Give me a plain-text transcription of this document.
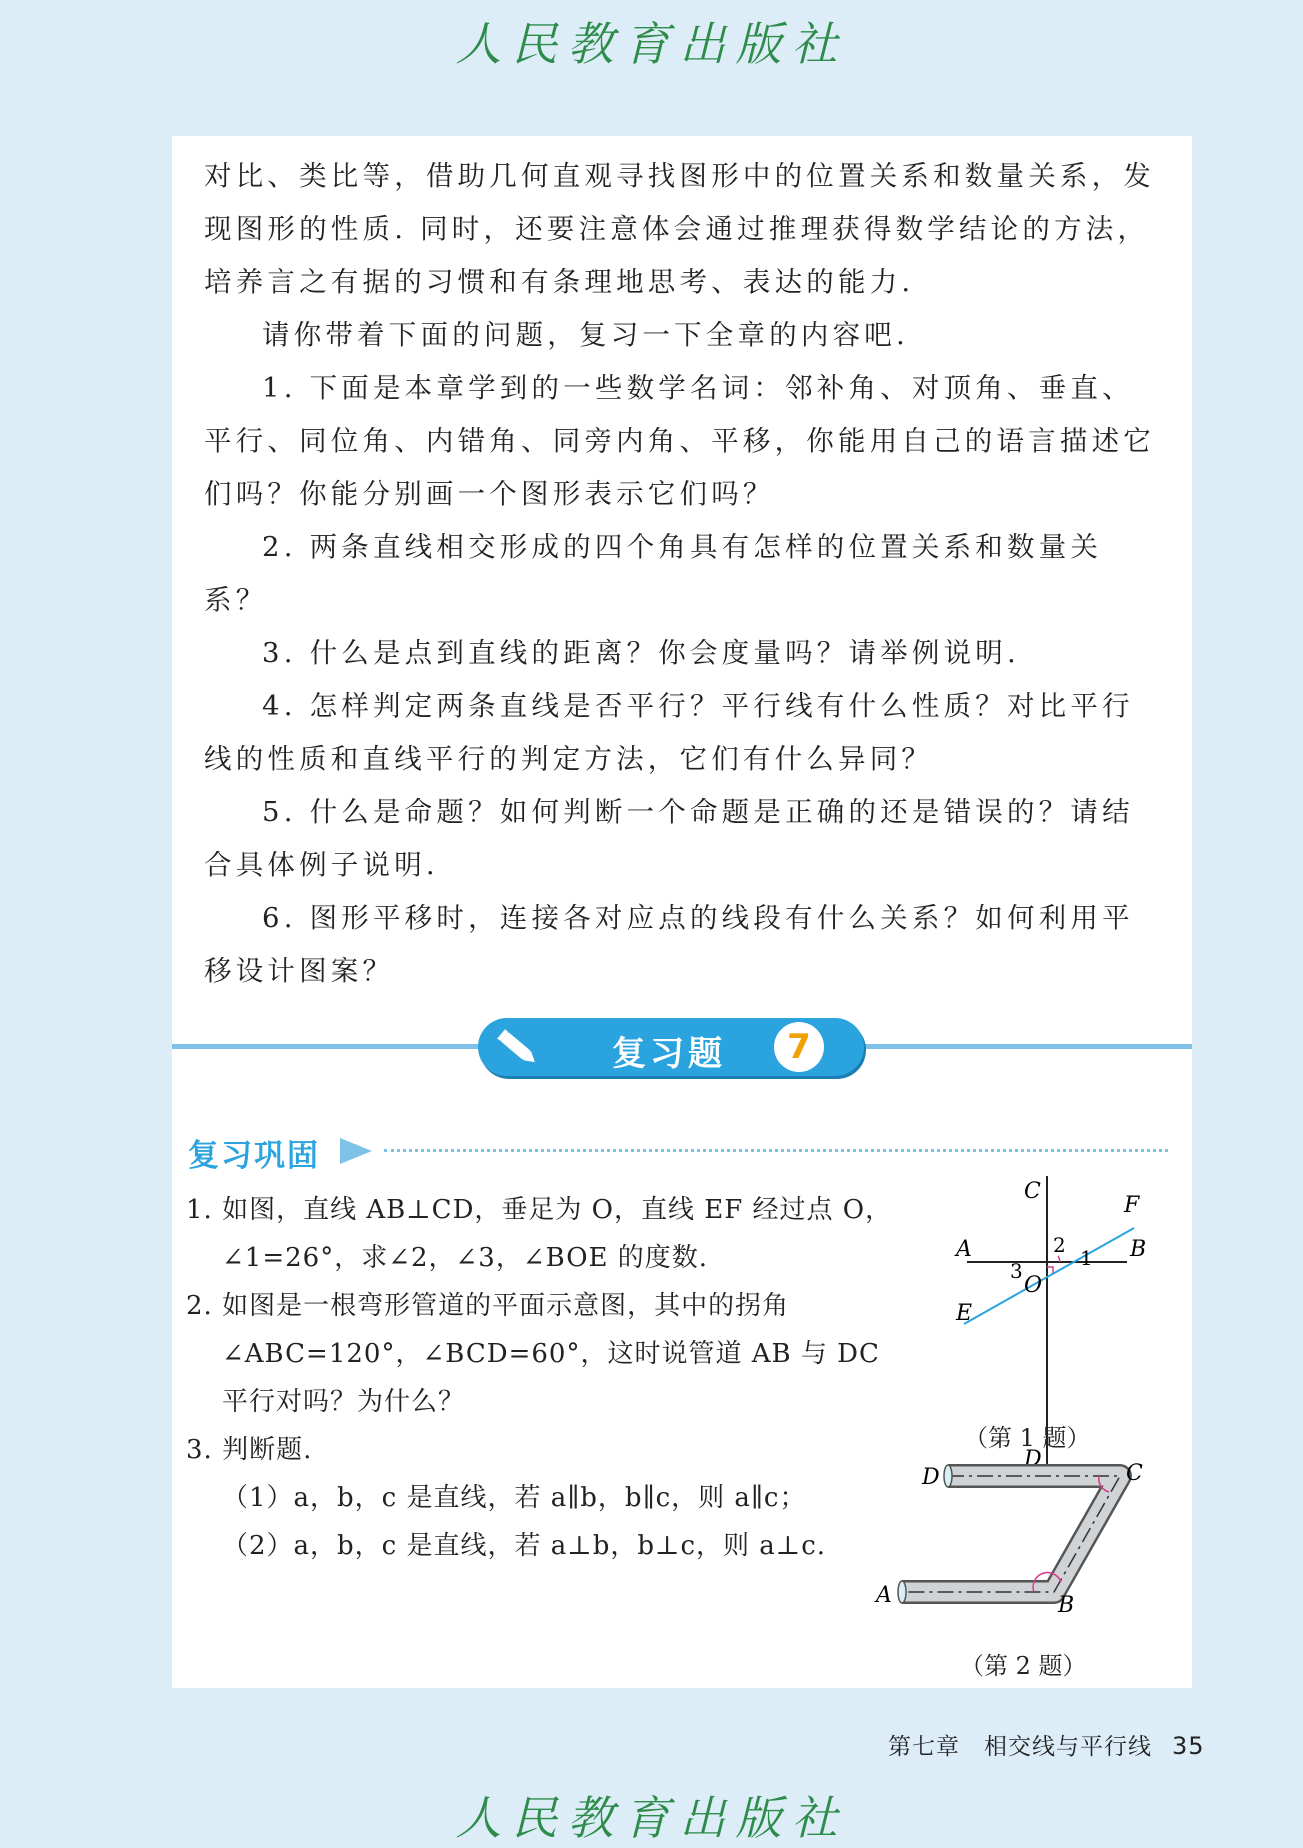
人民教育出版社

对比、类比等，借助几何直观寻找图形中的位置关系和数量关系，发现图形的性质. 同时，还要注意体会通过推理获得数学结论的方法，培养言之有据的习惯和有条理地思考、表达的能力.

请你带着下面的问题，复习一下全章的内容吧.

1. 下面是本章学到的一些数学名词：邻补角、对顶角、垂直、平行、同位角、内错角、同旁内角、平移，你能用自己的语言描述它们吗？你能分别画一个图形表示它们吗？

2. 两条直线相交形成的四个角具有怎样的位置关系和数量关系？

3. 什么是点到直线的距离？你会度量吗？请举例说明.

4. 怎样判定两条直线是否平行？平行线有什么性质？对比平行线的性质和直线平行的判定方法，它们有什么异同？

5. 什么是命题？如何判断一个命题是正确的还是错误的？请结合具体例子说明.

6. 图形平移时，连接各对应点的线段有什么关系？如何利用平移设计图案？

复习题	7
复习巩固

1. 如图，直线 AB⊥CD，垂足为 O，直线 EF 经过点 O，

∠1=26°，求∠2，∠3，∠BOE 的度数.

2. 如图是一根弯形管道的平面示意图，其中的拐角

∠ABC=120°，∠BCD=60°，这时说管道 AB 与 DC

平行对吗？为什么？

3. 判断题.

（1）a，b，c 是直线，若 a∥b，b∥c，则 a∥c；

（2）a，b，c 是直线，若 a⊥b，b⊥c，则 a⊥c.

C
F
A	B
E
O
D
1
2
3
（第 1 题）
D	C
A	B
（第 2 题）
第七章　相交线与平行线 35
人民教育出版社
